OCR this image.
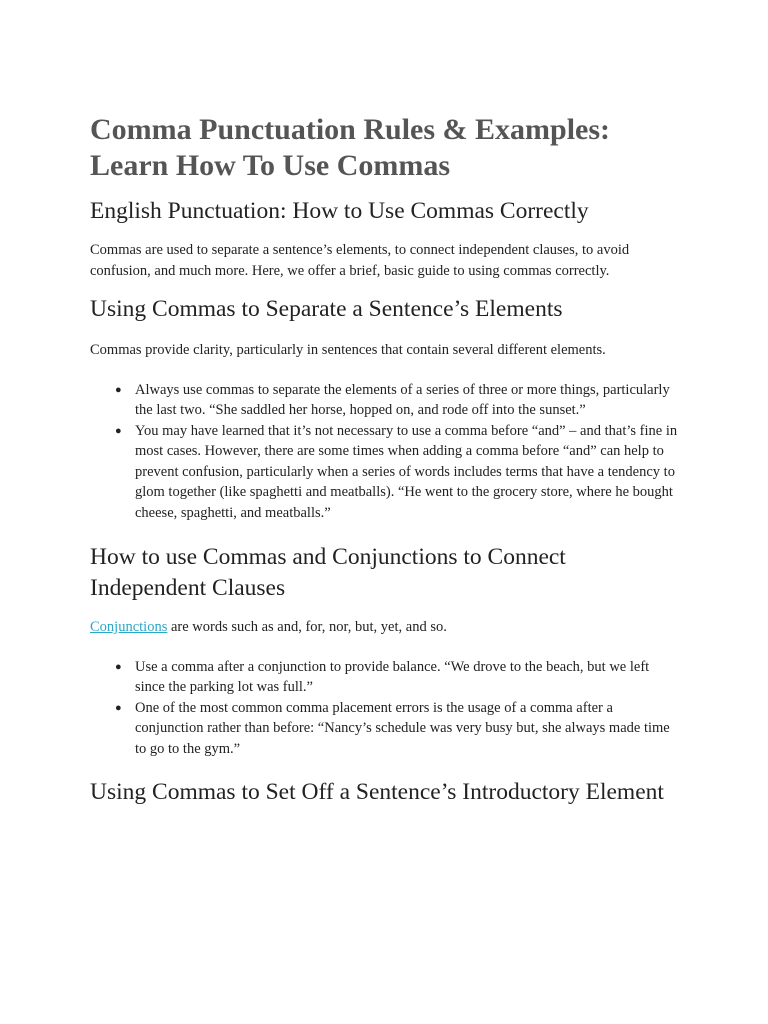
Comma Punctuation Rules & Examples: Learn How To Use Commas
English Punctuation: How to Use Commas Correctly

Commas are used to separate a sentence’s elements, to connect independent clauses, to avoid confusion, and much more. Here, we offer a brief, basic guide to using commas correctly.

Using Commas to Separate a Sentence’s Elements

Commas provide clarity, particularly in sentences that contain several different elements.

● Always use commas to separate the elements of a series of three or more things, particularly the last two. “She saddled her horse, hopped on, and rode off into the sunset.”
● You may have learned that it’s not necessary to use a comma before “and” – and that’s fine in most cases. However, there are some times when adding a comma before “and” can help to prevent confusion, particularly when a series of words includes terms that have a tendency to glom together (like spaghetti and meatballs). “He went to the grocery store, where he bought cheese, spaghetti, and meatballs.”
How to use Commas and Conjunctions to Connect Independent Clauses

Conjunctions are words such as and, for, nor, but, yet, and so.

● Use a comma after a conjunction to provide balance. “We drove to the beach, but we left since the parking lot was full.”
● One of the most common comma placement errors is the usage of a comma after a conjunction rather than before: “Nancy’s schedule was very busy but, she always made time to go to the gym.”
Using Commas to Set Off a Sentence’s Introductory Element
